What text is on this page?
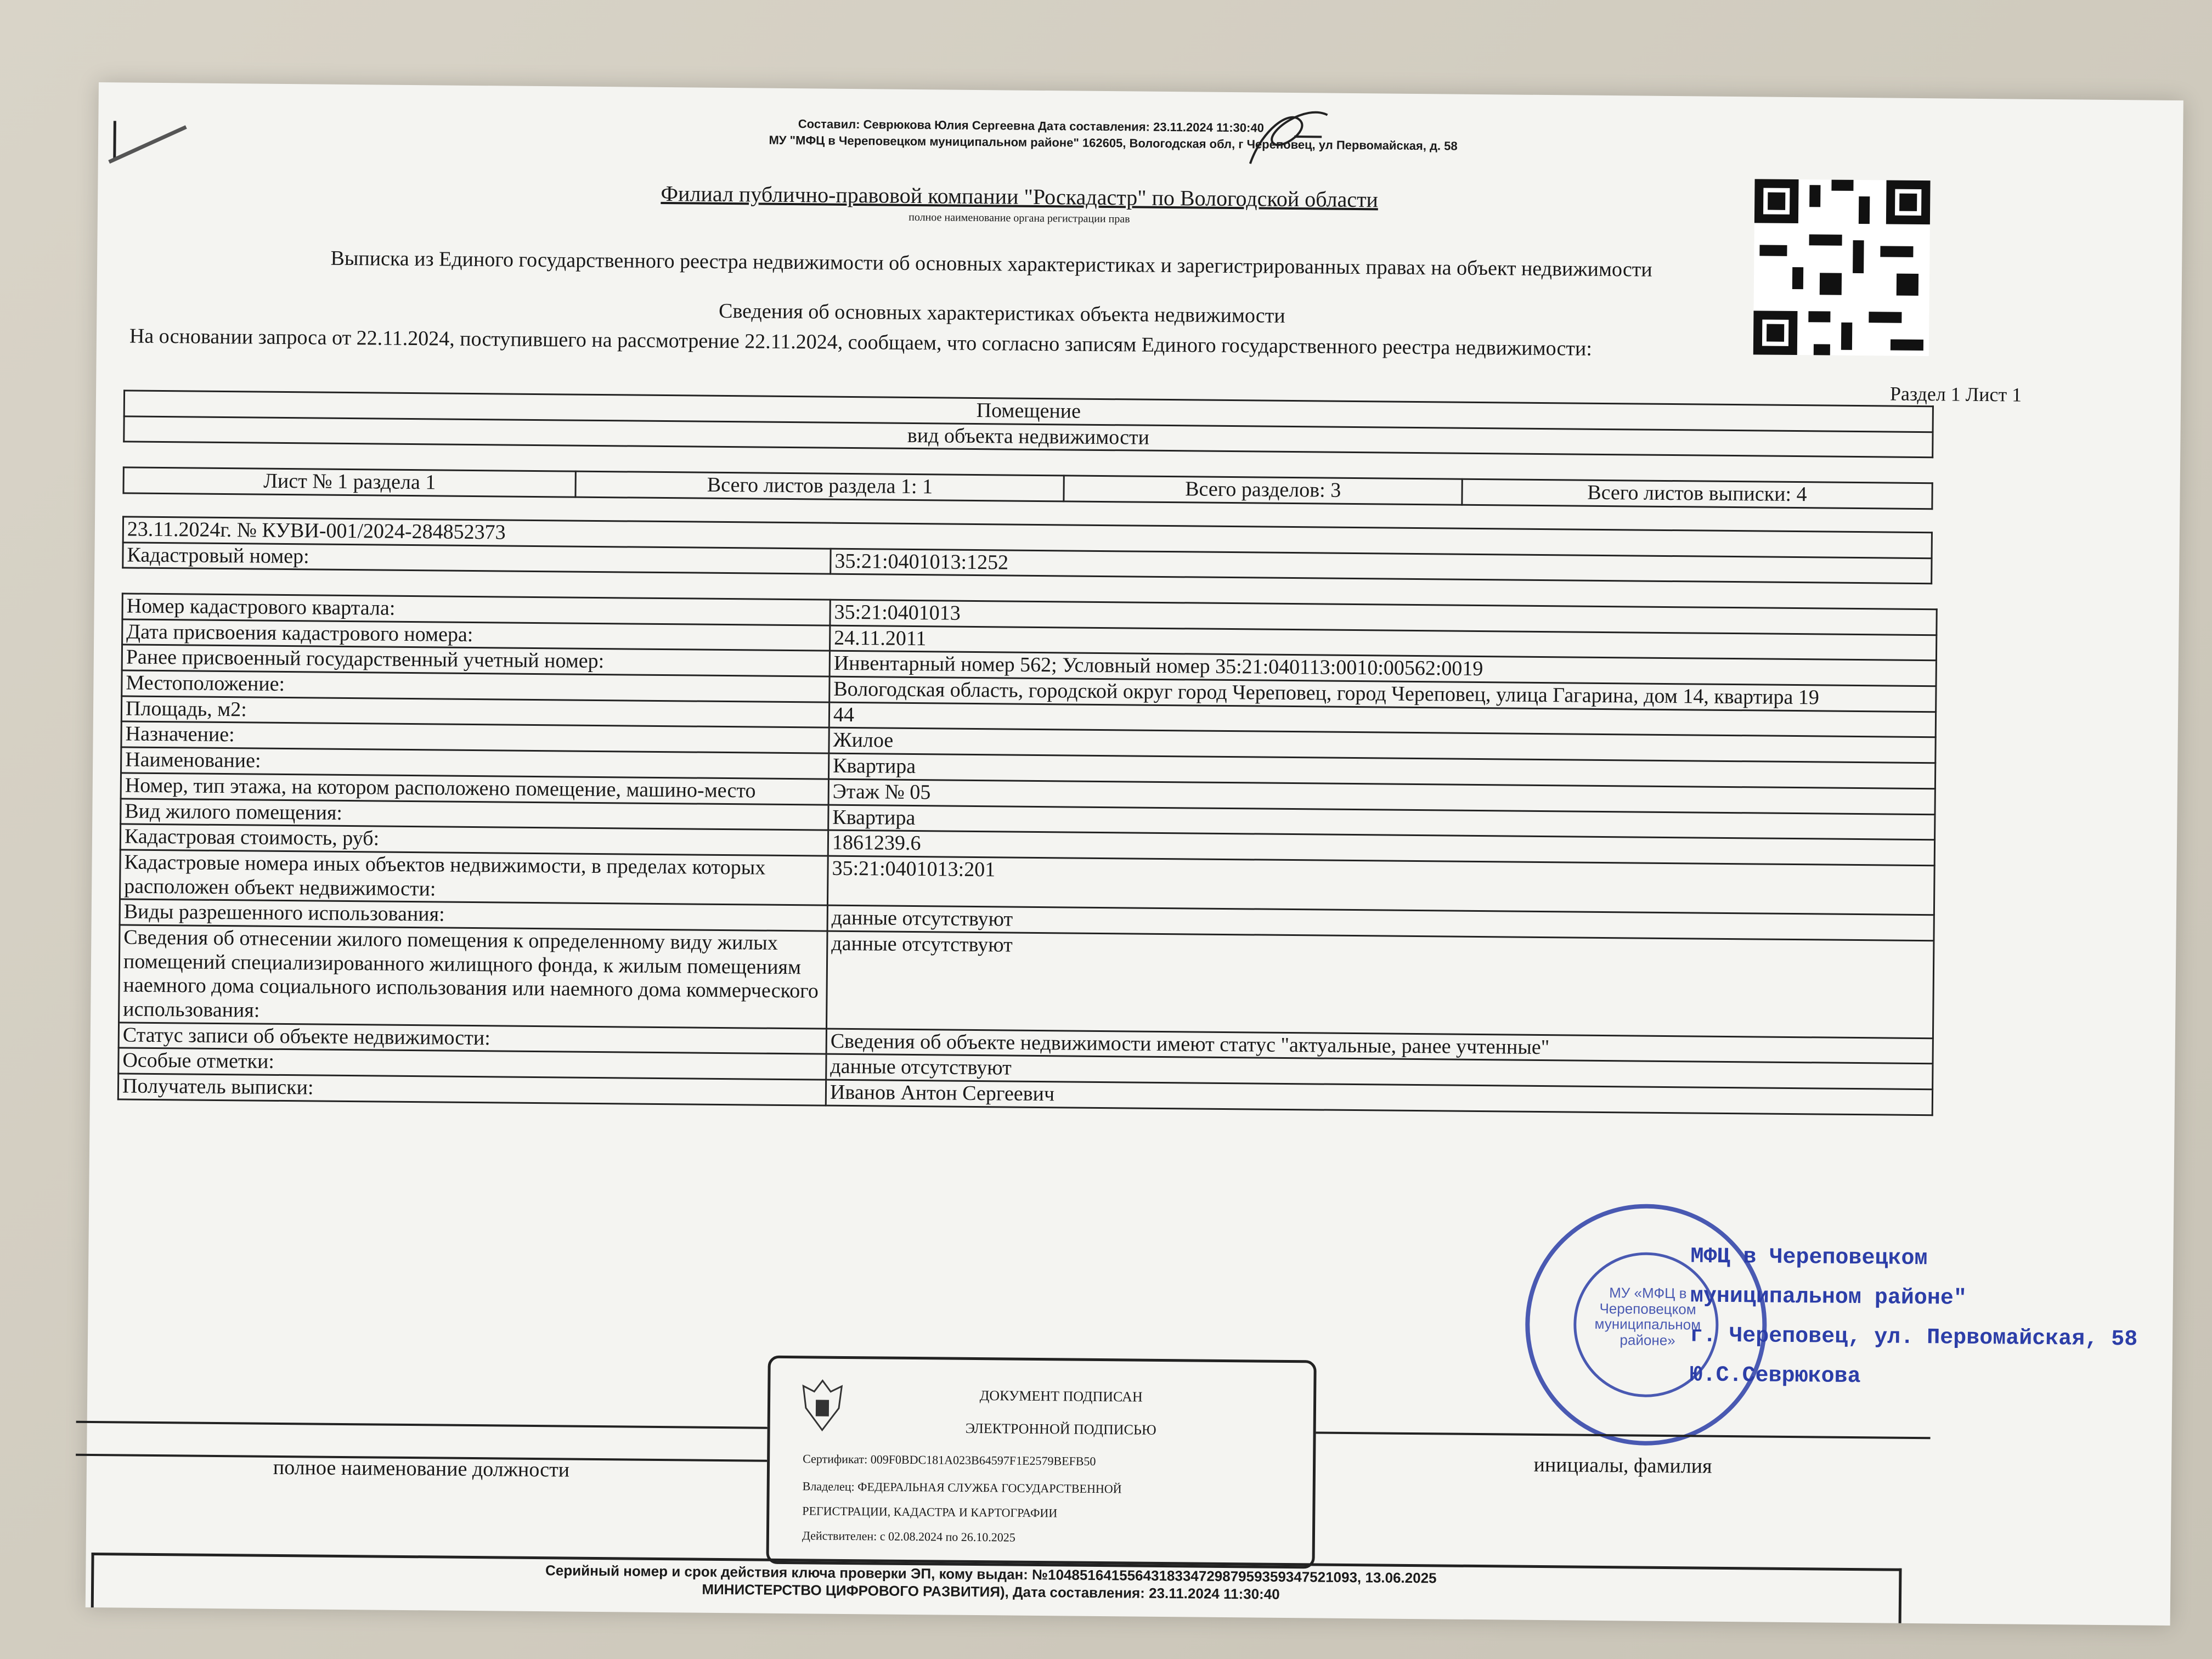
Составил: Севрюкова Юлия Сергеевна Дата составления: 23.11.2024 11:30:40
МУ "МФЦ в Череповецком муниципальном районе" 162605, Вологодская обл, г Череповец, ул Первомайская, д. 58
Филиал публично-правовой компании "Роскадастр" по Вологодской области
полное наименование органа регистрации прав
Выписка из Единого государственного реестра недвижимости об основных характеристиках и зарегистрированных правах на объект недвижимости
Сведения об основных характеристиках объекта недвижимости
На основании запроса от 22.11.2024, поступившего на рассмотрение 22.11.2024, сообщаем, что согласно записям Единого государственного реестра недвижимости:
Раздел 1 Лист 1
Помещение
вид объекта недвижимости
Лист № 1 раздела 1	Всего листов раздела 1: 1	Всего разделов: 3	Всего листов выписки: 4
23.11.2024г. № КУВИ-001/2024-284852373
Кадастровый номер:	35:21:0401013:1252
Номер кадастрового квартала:	35:21:0401013
Дата присвоения кадастрового номера:	24.11.2011
Ранее присвоенный государственный учетный номер:	Инвентарный номер 562; Условный номер 35:21:040113:0010:00562:0019
Местоположение:	Вологодская область, городской округ город Череповец, город Череповец, улица Гагарина, дом 14, квартира 19
Площадь, м2:	44
Назначение:	Жилое
Наименование:	Квартира
Номер, тип этажа, на котором расположено помещение, машино-место	Этаж № 05
Вид жилого помещения:	Квартира
Кадастровая стоимость, руб:	1861239.6
Кадастровые номера иных объектов недвижимости, в пределах которых расположен объект недвижимости:	35:21:0401013:201
Виды разрешенного использования:	данные отсутствуют
Сведения об отнесении жилого помещения к определенному виду жилых помещений специализированного жилищного фонда, к жилым помещениям наемного дома социального использования или наемного дома коммерческого использования:	данные отсутствуют
Статус записи об объекте недвижимости:	Сведения об объекте недвижимости имеют статус "актуальные, ранее учтенные"
Особые отметки:	данные отсутствуют
Получатель выписки:	Иванов Антон Сергеевич
МУ «МФЦ в Череповецком муниципальном районе»
МФЦ в Череповецком
муниципальном районе"
г. Череповец, ул. Первомайская, 58
Ю.С.Севрюкова
полное наименование должности	инициалы, фамилия
ДОКУМЕНТ ПОДПИСАН
ЭЛЕКТРОННОЙ ПОДПИСЬЮ
Сертификат: 009F0BDC181A023B64597F1E2579BEFB50
Владелец: ФЕДЕРАЛЬНАЯ СЛУЖБА ГОСУДАРСТВЕННОЙ
РЕГИСТРАЦИИ, КАДАСТРА И КАРТОГРАФИИ
Действителен: с 02.08.2024 по 26.10.2025
Серийный номер и срок действия ключа проверки ЭП, кому выдан: №104851641556431833472987959359347521093, 13.06.2025
МИНИСТЕРСТВО ЦИФРОВОГО РАЗВИТИЯ), Дата составления: 23.11.2024 11:30:40
